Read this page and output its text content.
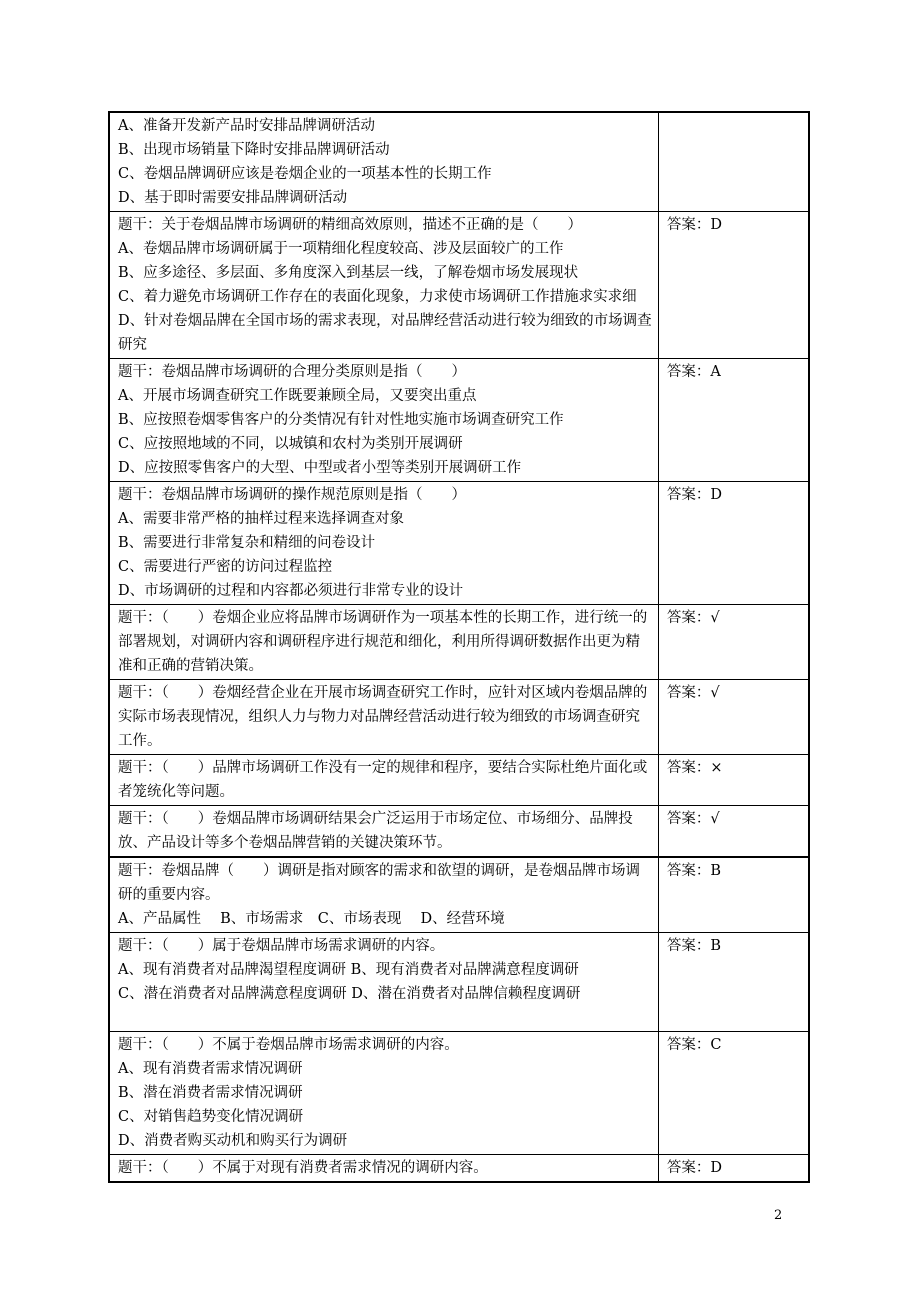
A、准备开发新产品时安排品牌调研活动
B、出现市场销量下降时安排品牌调研活动
C、卷烟品牌调研应该是卷烟企业的一项基本性的长期工作
D、基于即时需要安排品牌调研活动	

题干：关于卷烟品牌市场调研的精细高效原则，描述不正确的是（　　）
A、卷烟品牌市场调研属于一项精细化程度较高、涉及层面较广的工作
B、应多途径、多层面、多角度深入到基层一线，了解卷烟市场发展现状
C、着力避免市场调研工作存在的表面化现象，力求使市场调研工作措施求实求细
D、针对卷烟品牌在全国市场的需求表现，对品牌经营活动进行较为细致的市场调查研究	答案：D

题干：卷烟品牌市场调研的合理分类原则是指（　　）
A、开展市场调查研究工作既要兼顾全局，又要突出重点
B、应按照卷烟零售客户的分类情况有针对性地实施市场调查研究工作
C、应按照地域的不同，以城镇和农村为类别开展调研
D、应按照零售客户的大型、中型或者小型等类别开展调研工作	答案：A

题干：卷烟品牌市场调研的操作规范原则是指（　　）
A、需要非常严格的抽样过程来选择调查对象
B、需要进行非常复杂和精细的问卷设计
C、需要进行严密的访问过程监控
D、市场调研的过程和内容都必须进行非常专业的设计	答案：D

题干：（　　）卷烟企业应将品牌市场调研作为一项基本性的长期工作，进行统一的部署规划，对调研内容和调研程序进行规范和细化，利用所得调研数据作出更为精准和正确的营销决策。	答案：√

题干：（　　）卷烟经营企业在开展市场调查研究工作时，应针对区域内卷烟品牌的实际市场表现情况，组织人力与物力对品牌经营活动进行较为细致的市场调查研究工作。	答案：√

题干：（　　）品牌市场调研工作没有一定的规律和程序，要结合实际杜绝片面化或者笼统化等问题。	答案：×

题干：（　　）卷烟品牌市场调研结果会广泛运用于市场定位、市场细分、品牌投放、产品设计等多个卷烟品牌营销的关键决策环节。	答案：√

题干：卷烟品牌（　　）调研是指对顾客的需求和欲望的调研，是卷烟品牌市场调研的重要内容。
A、产品属性　 B、市场需求　C、市场表现　 D、经营环境	答案：B

题干：（　　）属于卷烟品牌市场需求调研的内容。
A、现有消费者对品牌渴望程度调研 B、现有消费者对品牌满意程度调研
C、潜在消费者对品牌满意程度调研 D、潜在消费者对品牌信赖程度调研	答案：B

题干：（　　）不属于卷烟品牌市场需求调研的内容。
A、现有消费者需求情况调研
B、潜在消费者需求情况调研
C、对销售趋势变化情况调研
D、消费者购买动机和购买行为调研	答案：C

题干：（　　）不属于对现有消费者需求情况的调研内容。	答案：D
2
